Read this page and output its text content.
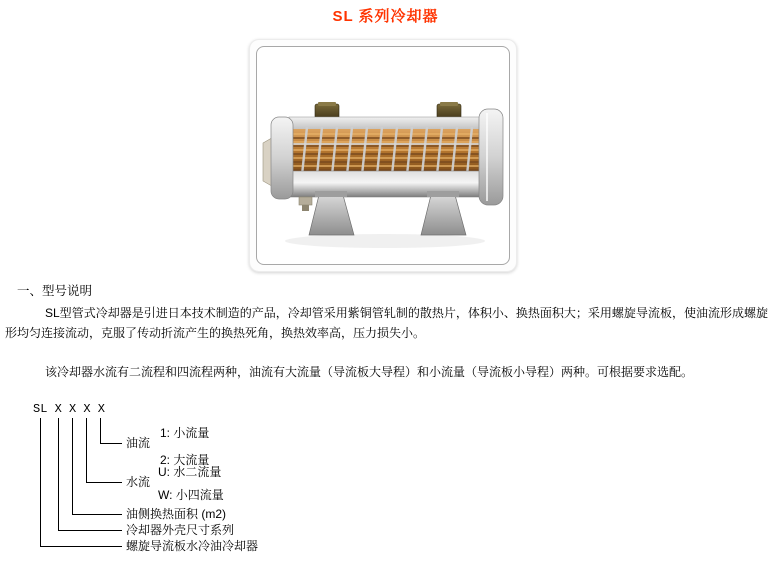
SL 系列冷却器
一、型号说明

SL型管式冷却器是引进日本技术制造的产品，冷却管采用紫铜管轧制的散热片，体积小、换热面积大；采用螺旋导流板，使油流形成螺旋形均匀连接流动，克服了传动折流产生的换热死角，换热效率高，压力损失小。

该冷却器水流有二流程和四流程两种，油流有大流量（导流板大导程）和小流量（导流板小导程）两种。可根据要求选配。

SL X X X X
油流
1: 小流量
2: 大流量
水流
U: 水二流量
W: 小四流量
油侧换热面积 (m2)
冷却器外壳尺寸系列
螺旋导流板水冷油冷却器
